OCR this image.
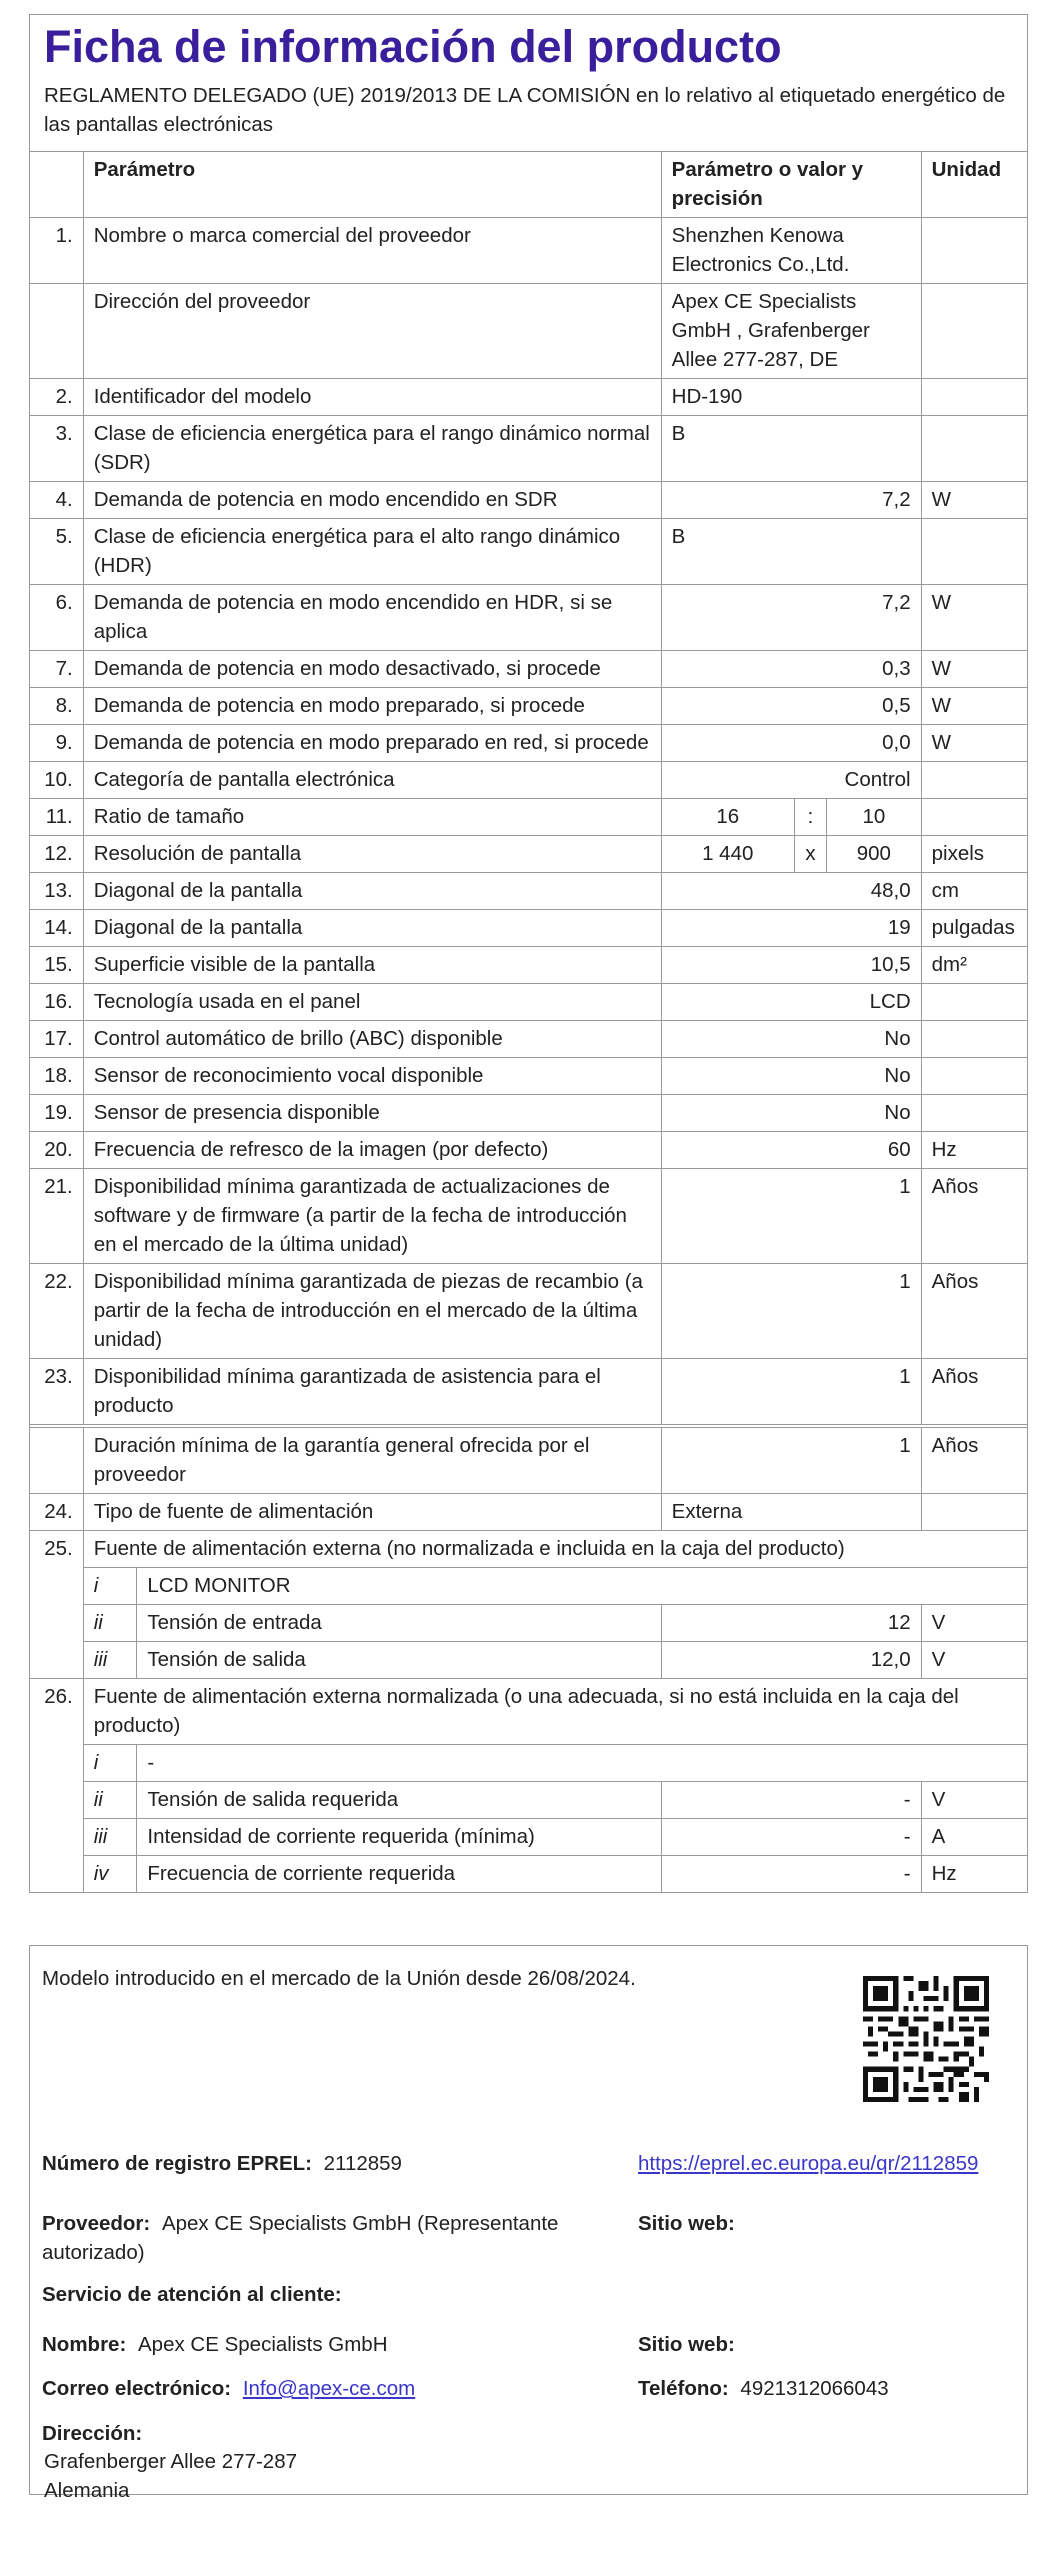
Ficha de información del producto
REGLAMENTO DELEGADO (UE) 2019/2013 DE LA COMISIÓN en lo relativo al etiquetado energético de las pantallas electrónicas
	Parámetro		Parámetro o valor y precisión			Unidad
1.	Nombre o marca comercial del proveedor		Shenzhen Kenowa Electronics Co.,Ltd.			
	Dirección del proveedor		Apex CE Specialists GmbH , Grafenberger Allee 277-287, DE			
2.	Identificador del modelo		HD-190			
3.	Clase de eficiencia energética para el rango dinámico normal (SDR)		B			
4.	Demanda de potencia en modo encendido en SDR		7,2			W
5.	Clase de eficiencia energética para el alto rango dinámico (HDR)		B			
6.	Demanda de potencia en modo encendido en HDR, si se aplica		7,2			W
7.	Demanda de potencia en modo desactivado, si procede		0,3			W
8.	Demanda de potencia en modo preparado, si procede		0,5			W
9.	Demanda de potencia en modo preparado en red, si procede		0,0			W
10.	Categoría de pantalla electrónica		Control			
11.	Ratio de tamaño		16	:	10	
12.	Resolución de pantalla		1 440	x	900	pixels
13.	Diagonal de la pantalla		48,0			cm
14.	Diagonal de la pantalla		19			pulgadas
15.	Superficie visible de la pantalla		10,5			dm²
16.	Tecnología usada en el panel		LCD			
17.	Control automático de brillo (ABC) disponible		No			
18.	Sensor de reconocimiento vocal disponible		No			
19.	Sensor de presencia disponible		No			
20.	Frecuencia de refresco de la imagen (por defecto)		60			Hz
21.	Disponibilidad mínima garantizada de actualizaciones de software y de firmware (a partir de la fecha de introducción en el mercado de la última unidad)		1			Años
22.	Disponibilidad mínima garantizada de piezas de recambio (a partir de la fecha de introducción en el mercado de la última unidad)		1			Años
23.	Disponibilidad mínima garantizada de asistencia para el producto		1			Años

	Duración mínima de la garantía general ofrecida por el proveedor		1			Años
24.	Tipo de fuente de alimentación		Externa			
25.	Fuente de alimentación externa (no normalizada e incluida en la caja del producto)					
	i	LCD MONITOR				
	ii	Tensión de entrada	12			V
	iii	Tensión de salida	12,0			V
26.	Fuente de alimentación externa normalizada (o una adecuada, si no está incluida en la caja del producto)					
	i	-				
	ii	Tensión de salida requerida	-			V
	iii	Intensidad de corriente requerida (mínima)	-			A
	iv	Frecuencia de corriente requerida	-			Hz
Modelo introducido en el mercado de la Unión desde 26/08/2024.
Número de registro EPREL: 2112859	https://eprel.ec.europa.eu/qr/2112859
Proveedor: Apex CE Specialists GmbH (Representante autorizado)
Sitio web:
Servicio de atención al cliente:
Nombre: Apex CE Specialists GmbH	Sitio web:
Correo electrónico: Info@apex-ce.com	Teléfono: 4921312066043
Dirección:
Grafenberger Allee 277-287
Alemania
